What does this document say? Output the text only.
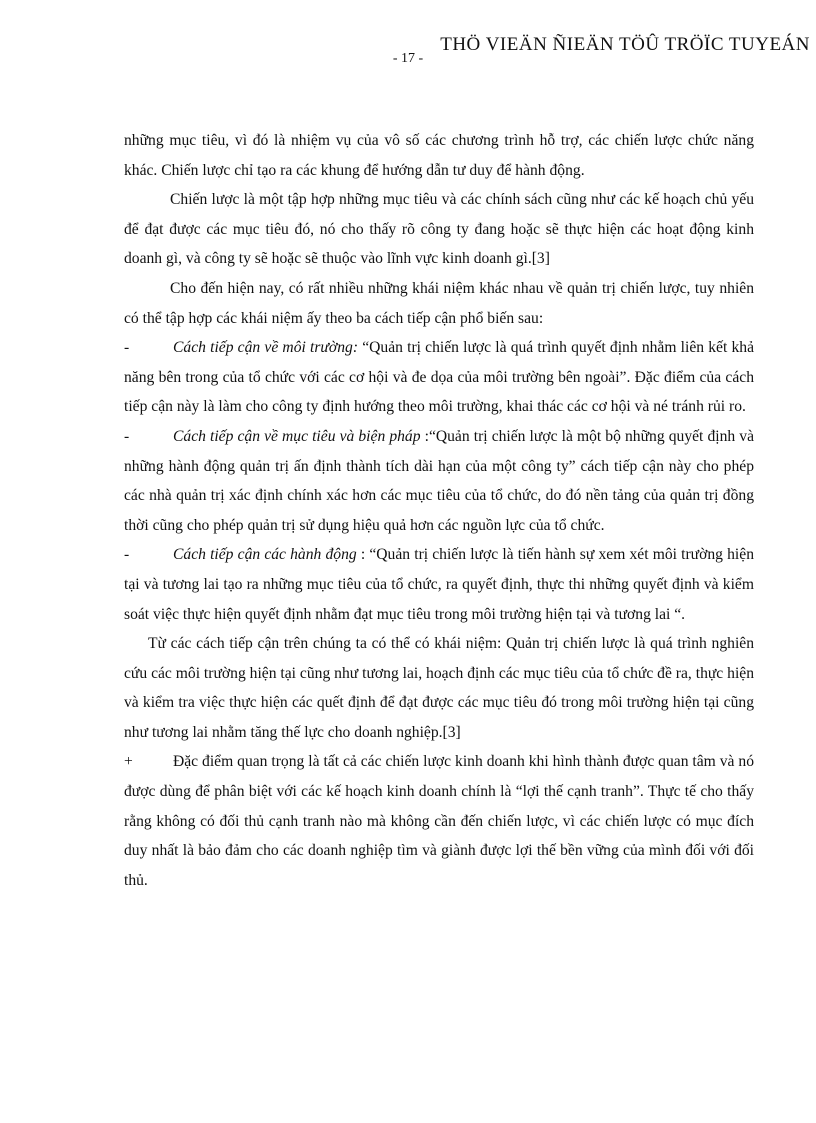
THÖ VIEÄN ÑIEÄN TÖÛ TRÖÏC TUYEÁN
- 17 -

những mục tiêu, vì đó là nhiệm vụ của vô số các chương trình hỗ trợ, các chiến lược chức năng khác. Chiến lược chỉ tạo ra các khung để hướng dẫn tư duy để hành động.

Chiến lược là một tập hợp những mục tiêu và các chính sách cũng như các kế hoạch chủ yếu để đạt được các mục tiêu đó, nó cho thấy rõ công ty đang hoặc sẽ thực hiện các hoạt động kinh doanh gì, và công ty sẽ hoặc sẽ thuộc vào lĩnh vực kinh doanh gì.[3]

Cho đến hiện nay, có rất nhiều những khái niệm khác nhau về quản trị chiến lược, tuy nhiên có thể tập hợp các khái niệm ấy theo ba cách tiếp cận phổ biến sau:

-	Cách tiếp cận về môi trường: “Quản trị chiến lược là quá trình quyết định nhằm liên kết khả năng bên trong của tổ chức với các cơ hội và đe dọa của môi trường bên ngoài”. Đặc điểm của cách tiếp cận này là làm cho công ty định hướng theo môi trường, khai thác các cơ hội và né tránh rủi ro.

-	Cách tiếp cận về mục tiêu và biện pháp :“Quản trị chiến lược là một bộ những quyết định và những hành động quản trị ấn định thành tích dài hạn của một công ty” cách tiếp cận này cho phép các nhà quản trị xác định chính xác hơn các mục tiêu của tổ chức, do đó nền tảng của quản trị đồng thời cũng cho phép quản trị sử dụng hiệu quả hơn các nguồn lực của tổ chức.

-	Cách tiếp cận các hành động : “Quản trị chiến lược là tiến hành sự xem xét môi trường hiện tại và tương lai tạo ra những mục tiêu của tổ chức, ra quyết định, thực thi những quyết định và kiểm soát việc thực hiện quyết định nhằm đạt mục tiêu trong môi trường hiện tại và tương lai “.

Từ các cách tiếp cận trên chúng ta có thể có khái niệm: Quản trị chiến lược là quá trình nghiên cứu các môi trường hiện tại cũng như tương lai, hoạch định các mục tiêu của tổ chức đề ra, thực hiện và kiểm tra việc thực hiện các quết định để đạt được các mục tiêu đó trong môi trường hiện tại cũng như tương lai nhằm tăng thế lực cho doanh nghiệp.[3]

+	Đặc điểm quan trọng là tất cả các chiến lược kinh doanh khi hình thành được quan tâm và nó được dùng để phân biệt với các kế hoạch kinh doanh chính là “lợi thế cạnh tranh”. Thực tế cho thấy rằng không có đối thủ cạnh tranh nào mà không cần đến chiến lược, vì các chiến lược có mục đích duy nhất là bảo đảm cho các doanh nghiệp tìm và giành được lợi thế bền vững của mình đối với đối thủ.
